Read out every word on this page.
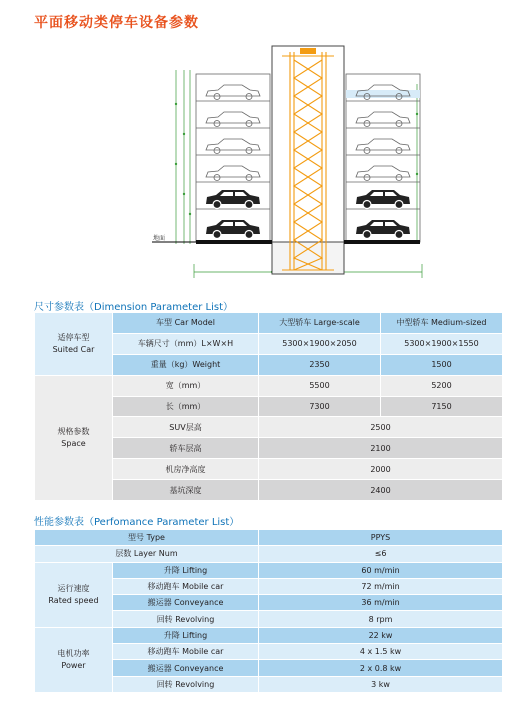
平面移动类停车设备参数
地面
尺寸参数表（Dimension Parameter List）
适停车型
Suited Car	车型 Car Model	大型轿车 Large-scale	中型轿车 Medium-sized
	车辆尺寸（mm）L×W×H	5300×1900×2050	5300×1900×1550
	重量（kg）Weight	2350	1500

规格参数
Space	宽（mm）	5500	5200
	长（mm）	7300	7150
	SUV层高	2500	
	轿车层高	2100	
	机房净高度	2000	
	基坑深度	2400	
性能参数表（Perfomance Parameter List）
型号 Type		PPYS
层数 Layer Num		≤6

运行速度
Rated speed	升降 Lifting	60 m/min
	移动跑车 Mobile car	72 m/min
	搬运器 Conveyance	36 m/min
	回转 Revolving	8 rpm

电机功率
Power	升降 Lifting	22 kw
	移动跑车 Mobile car	4 x 1.5 kw
	搬运器 Conveyance	2 x 0.8 kw
	回转 Revolving	3 kw
